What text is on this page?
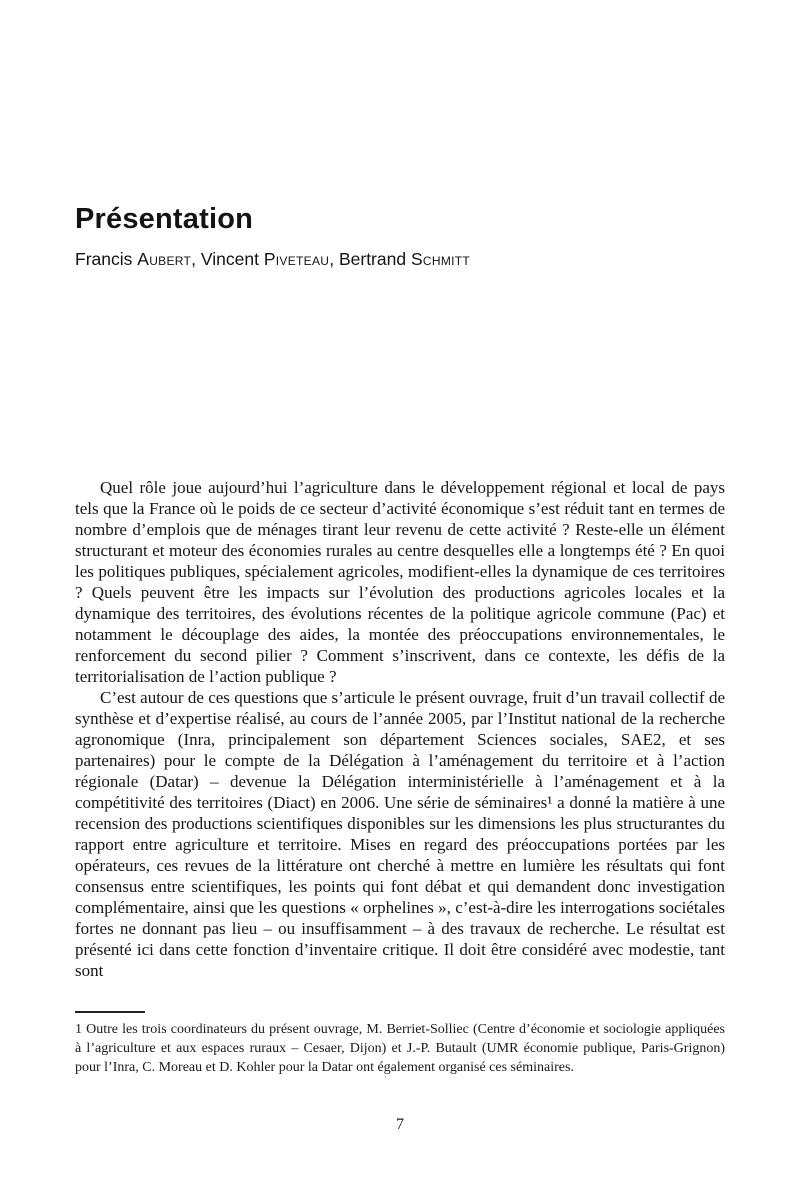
Présentation

Francis Aubert, Vincent Piveteau, Bertrand Schmitt

Quel rôle joue aujourd’hui l’agriculture dans le développement régional et local de pays tels que la France où le poids de ce secteur d’activité économique s’est réduit tant en termes de nombre d’emplois que de ménages tirant leur revenu de cette activité ? Reste-elle un élément structurant et moteur des économies rurales au centre desquelles elle a longtemps été ? En quoi les politiques publiques, spécialement agricoles, modifient-elles la dynamique de ces territoires ? Quels peuvent être les impacts sur l’évolution des productions agricoles locales et la dynamique des territoires, des évolutions récentes de la politique agricole commune (Pac) et notamment le découplage des aides, la montée des préoccupations environnementales, le renforcement du second pilier ? Comment s’inscrivent, dans ce contexte, les défis de la territorialisation de l’action publique ?

C’est autour de ces questions que s’articule le présent ouvrage, fruit d’un travail collectif de synthèse et d’expertise réalisé, au cours de l’année 2005, par l’Institut national de la recherche agronomique (Inra, principalement son département Sciences sociales, SAE2, et ses partenaires) pour le compte de la Délégation à l’aménagement du territoire et à l’action régionale (Datar) – devenue la Délégation interministérielle à l’aménagement et à la compétitivité des territoires (Diact) en 2006. Une série de séminaires¹ a donné la matière à une recension des productions scientifiques disponibles sur les dimensions les plus structurantes du rapport entre agriculture et territoire. Mises en regard des préoccupations portées par les opérateurs, ces revues de la littérature ont cherché à mettre en lumière les résultats qui font consensus entre scientifiques, les points qui font débat et qui demandent donc investigation complémentaire, ainsi que les questions « orphelines », c’est-à-dire les interrogations sociétales fortes ne donnant pas lieu – ou insuffisamment – à des travaux de recherche. Le résultat est présenté ici dans cette fonction d’inventaire critique. Il doit être considéré avec modestie, tant sont

1 Outre les trois coordinateurs du présent ouvrage, M. Berriet-Solliec (Centre d’économie et sociologie appliquées à l’agriculture et aux espaces ruraux – Cesaer, Dijon) et J.-P. Butault (UMR économie publique, Paris-Grignon) pour l’Inra, C. Moreau et D. Kohler pour la Datar ont également organisé ces séminaires.

7
